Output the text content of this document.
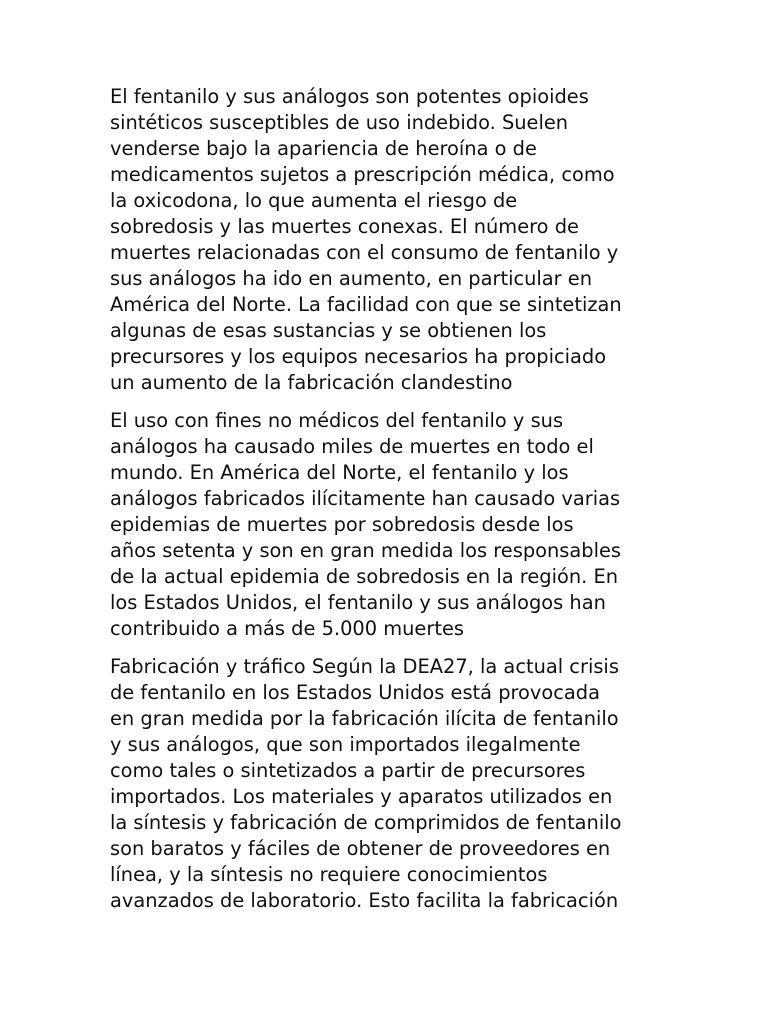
El fentanilo y sus análogos son potentes opioides
sintéticos susceptibles de uso indebido. Suelen
venderse bajo la apariencia de heroína o de
medicamentos sujetos a prescripción médica, como
la oxicodona, lo que aumenta el riesgo de
sobredosis y las muertes conexas. El número de
muertes relacionadas con el consumo de fentanilo y
sus análogos ha ido en aumento, en particular en
América del Norte. La facilidad con que se sintetizan
algunas de esas sustancias y se obtienen los
precursores y los equipos necesarios ha propiciado
un aumento de la fabricación clandestino

El uso con fines no médicos del fentanilo y sus
análogos ha causado miles de muertes en todo el
mundo. En América del Norte, el fentanilo y los
análogos fabricados ilícitamente han causado varias
epidemias de muertes por sobredosis desde los
años setenta y son en gran medida los responsables
de la actual epidemia de sobredosis en la región. En
los Estados Unidos, el fentanilo y sus análogos han
contribuido a más de 5.000 muertes

Fabricación y tráfico Según la DEA27, la actual crisis
de fentanilo en los Estados Unidos está provocada
en gran medida por la fabricación ilícita de fentanilo
y sus análogos, que son importados ilegalmente
como tales o sintetizados a partir de precursores
importados. Los materiales y aparatos utilizados en
la síntesis y fabricación de comprimidos de fentanilo
son baratos y fáciles de obtener de proveedores en
línea, y la síntesis no requiere conocimientos
avanzados de laboratorio. Esto facilita la fabricación
